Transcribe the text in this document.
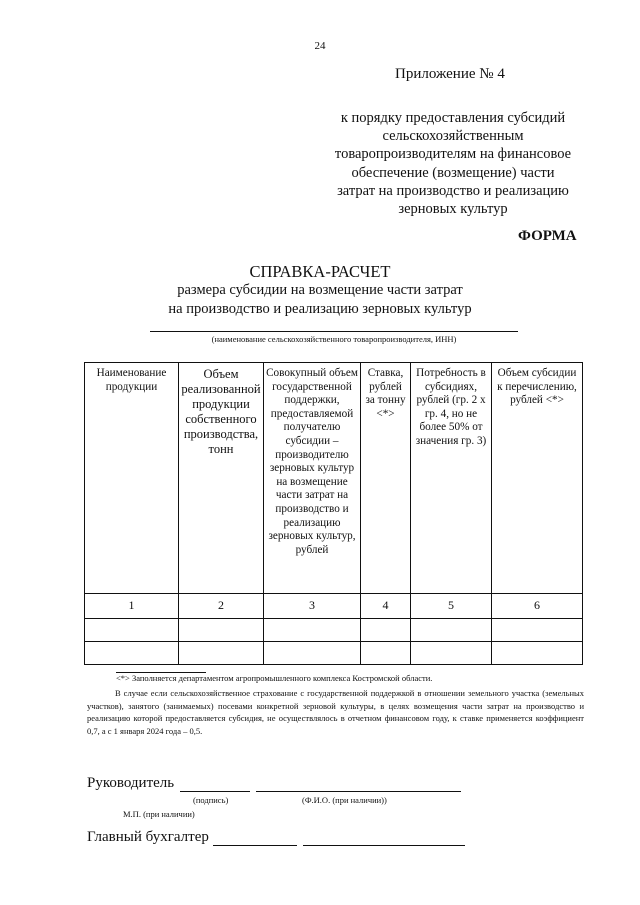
24
Приложение № 4
к порядку предоставления субсидий
сельскохозяйственным
товаропроизводителям на финансовое
обеспечение (возмещение) части
затрат на производство и реализацию
зерновых культур
ФОРМА
СПРАВКА-РАСЧЕТ
размера субсидии на возмещение части затрат
на производство и реализацию зерновых культур
(наименование сельскохозяйственного товаропроизводителя, ИНН)
Наименование продукции	Объем реализованной продукции собственного производства, тонн	Совокупный объем государственной поддержки, предоставляемой получателю субсидии – производителю зерновых культур на возмещение части затрат на производство и реализацию зерновых культур, рублей	Ставка, рублей за тонну <*>	Потребность в субсидиях, рублей (гр. 2 х гр. 4, но не более 50% от значения гр. 3)	Объем субсидии к перечислению, рублей <*>
1	2	3	4	5	6

<*> Заполняется департаментом агропромышленного комплекса Костромской области.
В случае если сельскохозяйственное страхование с государственной поддержкой в отношении земельного участка (земельных участков), занятого (занимаемых) посевами конкретной зерновой культуры, в целях возмещения части затрат на производство и реализацию которой предоставляется субсидия, не осуществлялось в отчетном финансовом году, к ставке применяется коэффициент 0,7, а с 1 января 2024 года – 0,5.
Руководитель
(подпись)	(Ф.И.О. (при наличии))
М.П. (при наличии)
Главный бухгалтер
